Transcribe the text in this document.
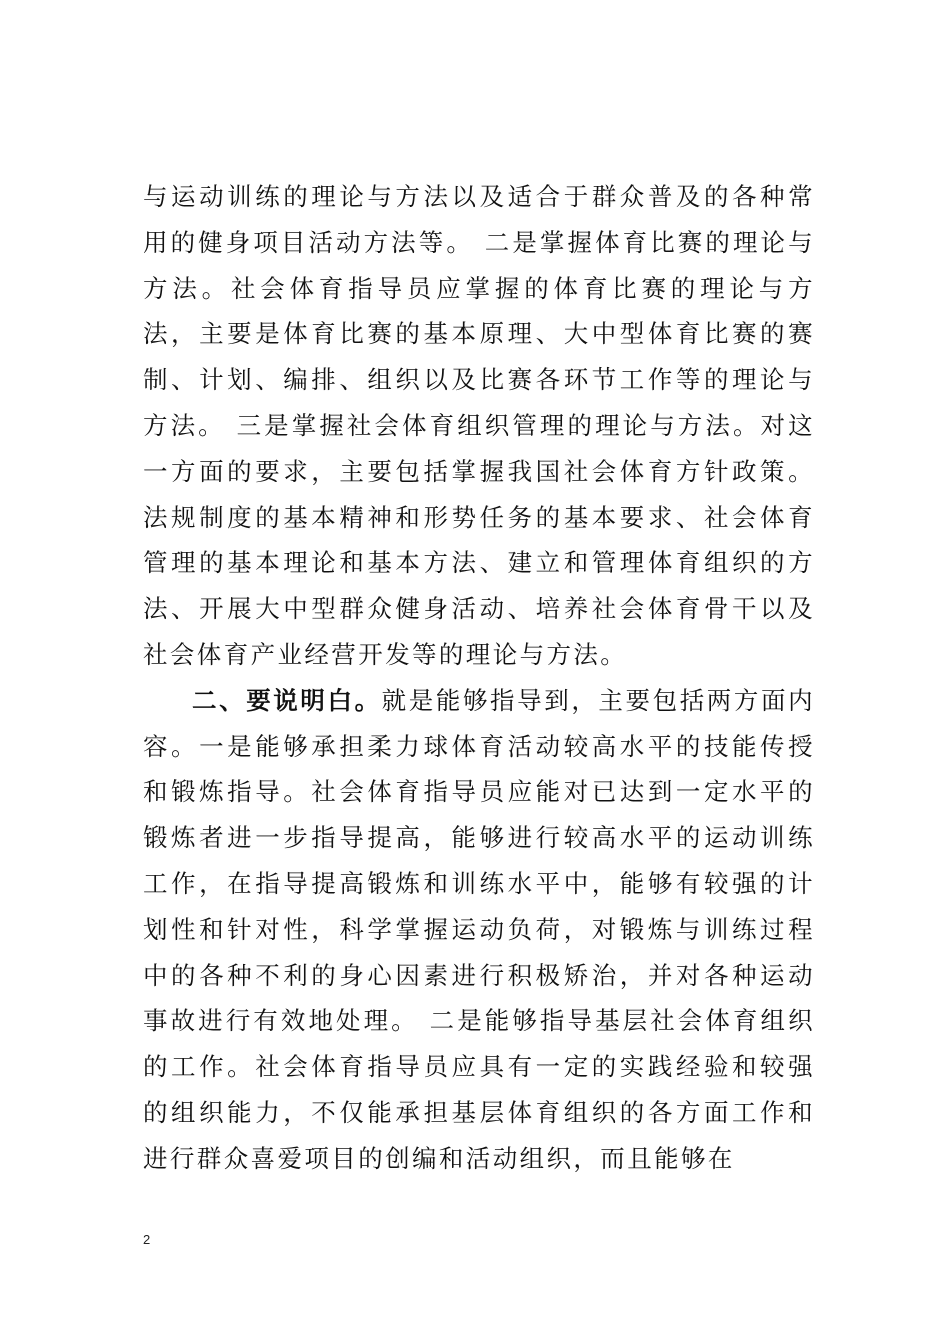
与运动训练的理论与方法以及适合于群众普及的各种常用的健身项目活动方法等。 二是掌握体育比赛的理论与方法。社会体育指导员应掌握的体育比赛的理论与方法，主要是体育比赛的基本原理、大中型体育比赛的赛制、计划、编排、组织以及比赛各环节工作等的理论与方法。 三是掌握社会体育组织管理的理论与方法。对这一方面的要求，主要包括掌握我国社会体育方针政策。法规制度的基本精神和形势任务的基本要求、社会体育管理的基本理论和基本方法、建立和管理体育组织的方法、开展大中型群众健身活动、培养社会体育骨干以及社会体育产业经营开发等的理论与方法。

二、要说明白。就是能够指导到，主要包括两方面内容。一是能够承担柔力球体育活动较高水平的技能传授和锻炼指导。社会体育指导员应能对已达到一定水平的锻炼者进一步指导提高，能够进行较高水平的运动训练工作，在指导提高锻炼和训练水平中，能够有较强的计划性和针对性，科学掌握运动负荷，对锻炼与训练过程中的各种不利的身心因素进行积极矫治，并对各种运动事故进行有效地处理。 二是能够指导基层社会体育组织的工作。社会体育指导员应具有一定的实践经验和较强的组织能力，不仅能承担基层体育组织的各方面工作和进行群众喜爱项目的创编和活动组织，而且能够在

2
